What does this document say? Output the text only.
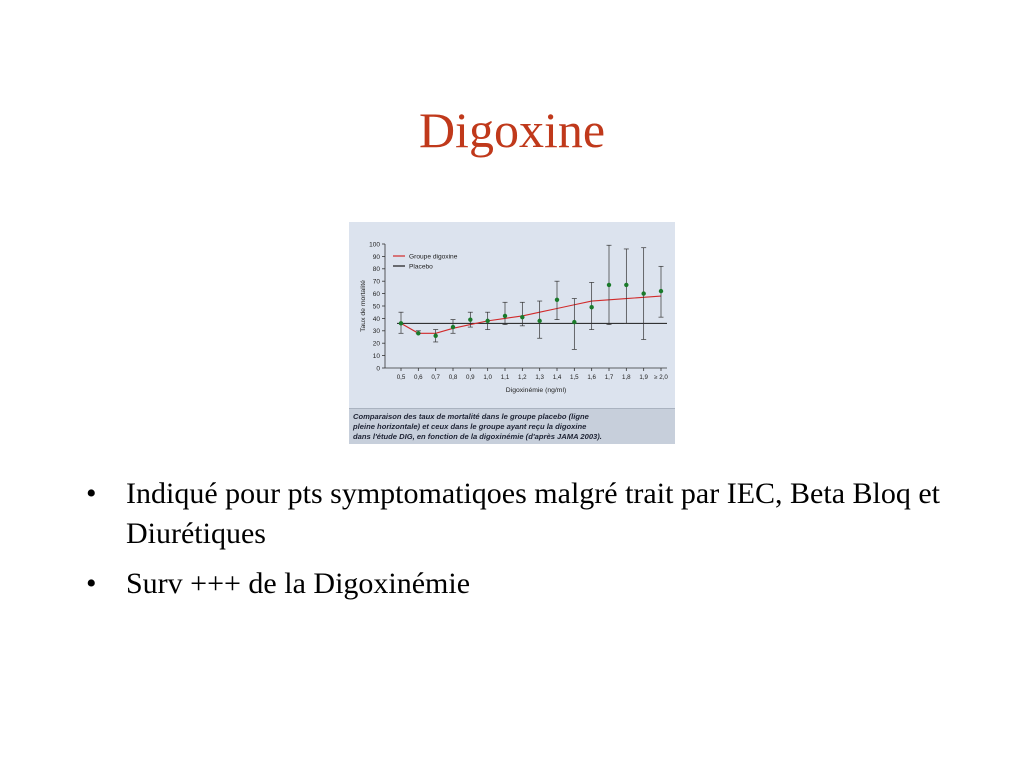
Digoxine
0
10
20
30
40
50
60
70
80
90
100
0,5 0,6 0,7 0,8 0,9 1,0 1,1 1,2 1,3 1,4 1,5 1,6 1,7 1,8 1,9 ≥ 2,0
Digoxinémie (ng/ml)
Taux de mortalité
Groupe digoxine
Placebo
Comparaison des taux de mortalité dans le groupe placebo (ligne
pleine horizontale) et ceux dans le groupe ayant reçu la digoxine
dans l'étude DIG, en fonction de la digoxinémie (d'après JAMA 2003).
• Indiqué pour pts symptomatiqoes malgré trait par IEC, Beta Bloq et Diurétiques
• Surv +++ de la Digoxinémie
